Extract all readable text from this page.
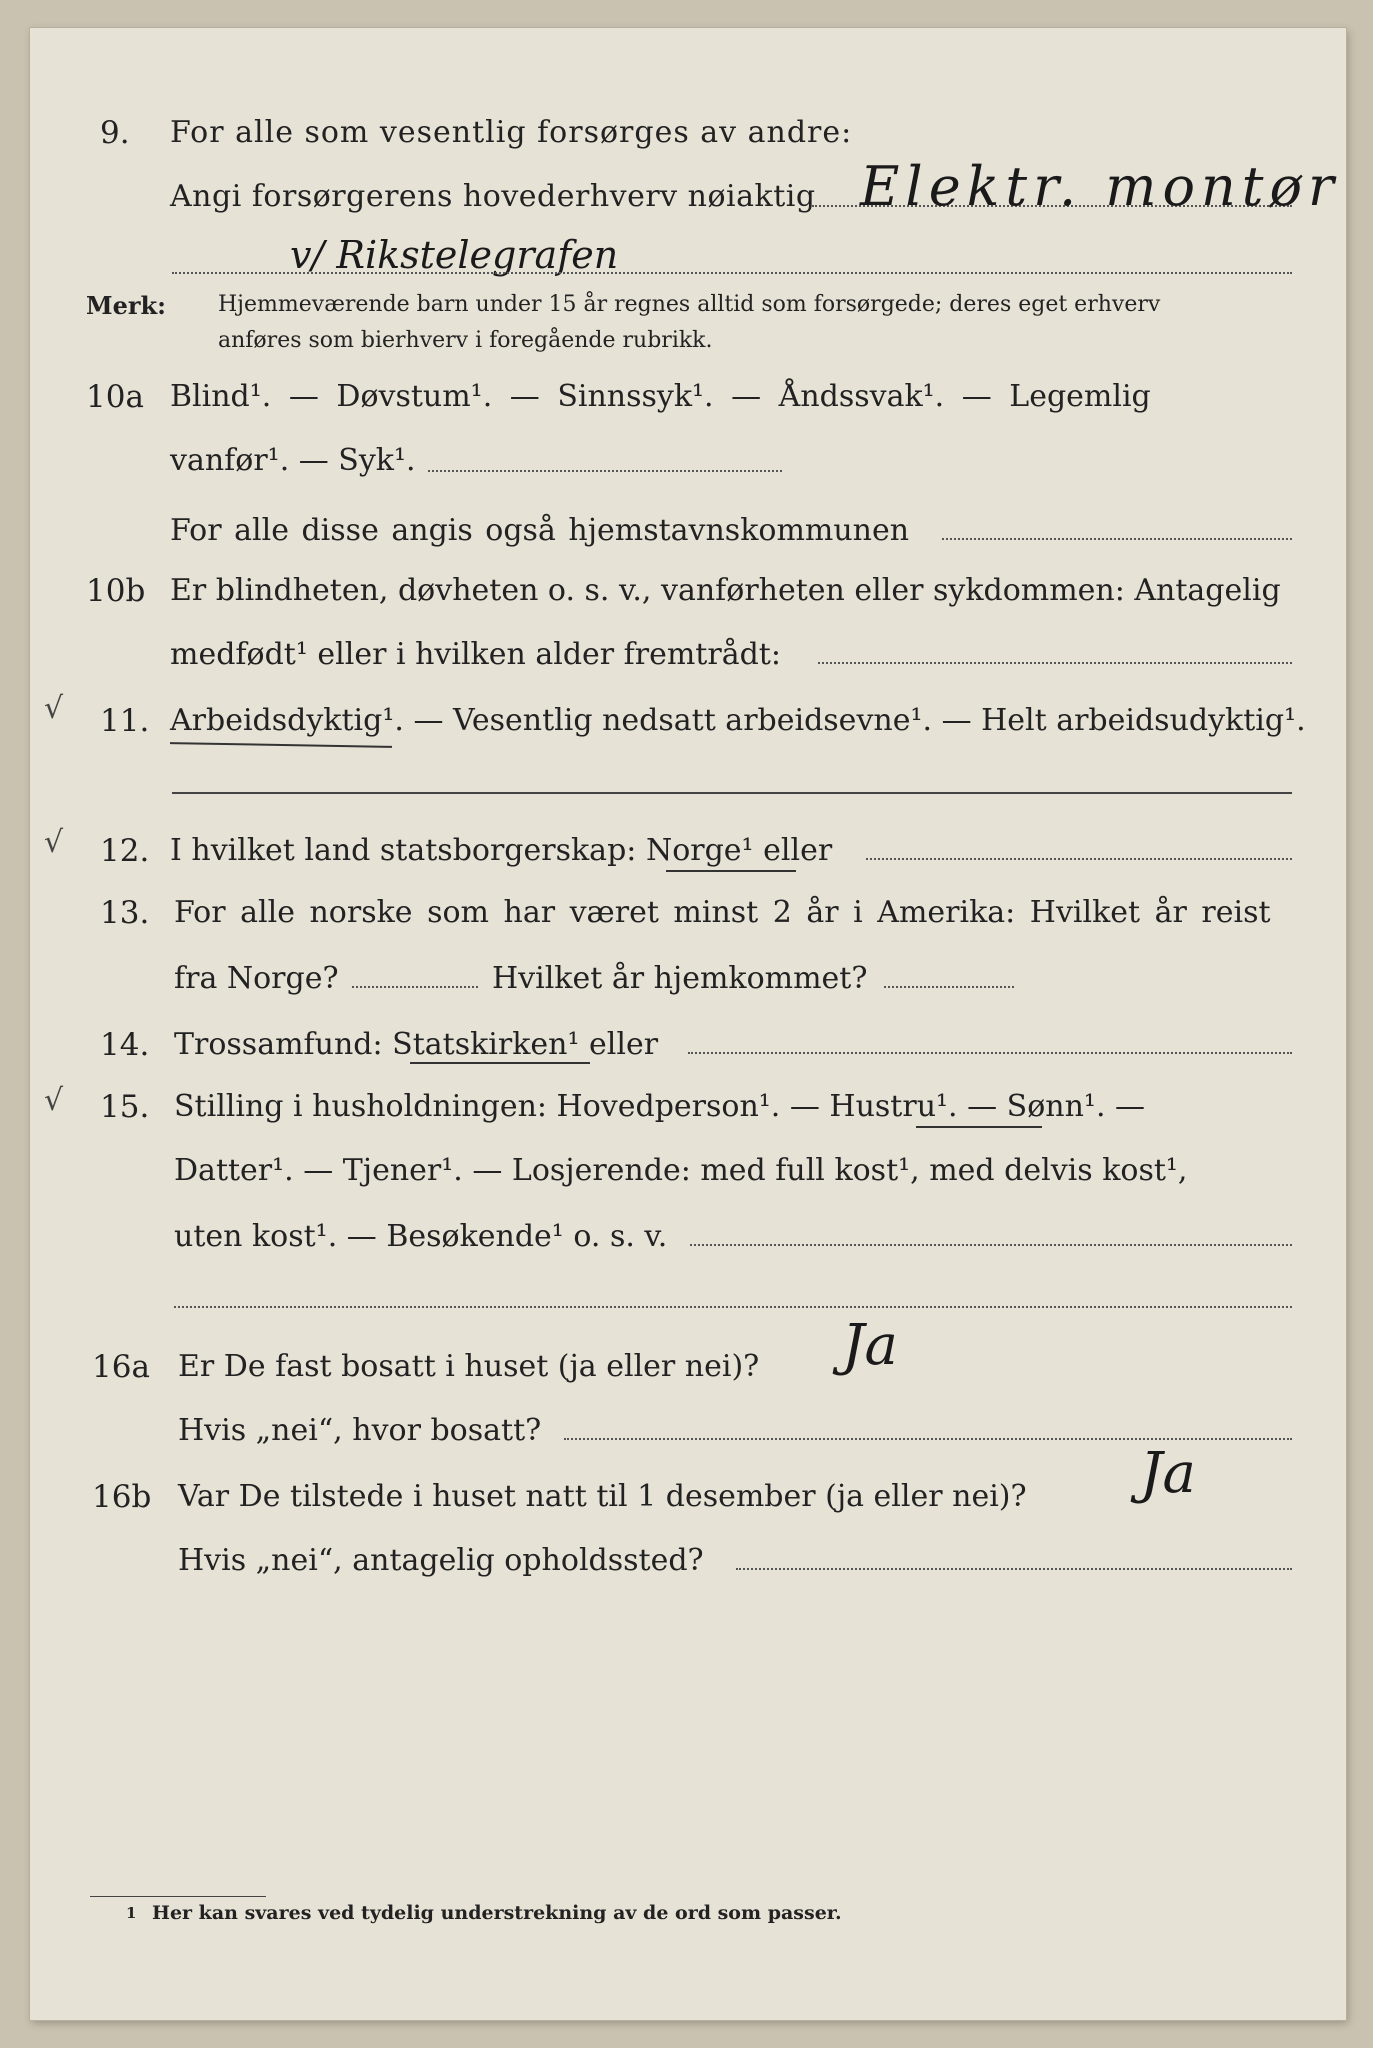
9. For alle som vesentlig forsørges av andre:
Angi forsørgerens hovederhverv nøiaktig Elektr. montør
v/ Rikstelegrafen
Merk: Hjemmeværende barn under 15 år regnes alltid som forsørgede; deres eget erhverv
anføres som bierhverv i foregående rubrikk.
10a Blind¹. — Døvstum¹. — Sinnssyk¹. — Åndssvak¹. — Legemlig
vanfør¹. — Syk¹.
For alle disse angis også hjemstavnskommunen
10b Er blindheten, døvheten o. s. v., vanførheten eller sykdommen: Antagelig
medfødt¹ eller i hvilken alder fremtrådt:
√ 11. Arbeidsdyktig¹. — Vesentlig nedsatt arbeidsevne¹. — Helt arbeidsudyktig¹.
√ 12. I hvilket land statsborgerskap: Norge¹ eller
13. For alle norske som har været minst 2 år i Amerika: Hvilket år reist
fra Norge?	Hvilket år hjemkommet?
14. Trossamfund: Statskirken¹ eller
√ 15. Stilling i husholdningen: Hovedperson¹. — Hustru¹. — Sønn¹. —
Datter¹. — Tjener¹. — Losjerende: med full kost¹, med delvis kost¹,
uten kost¹. — Besøkende¹ o. s. v.
16a Er De fast bosatt i huset (ja eller nei)? Ja
Hvis „nei“, hvor bosatt?
16b Var De tilstede i huset natt til 1 desember (ja eller nei)? Ja
Hvis „nei“, antagelig opholdssted?
1 Her kan svares ved tydelig understrekning av de ord som passer.
